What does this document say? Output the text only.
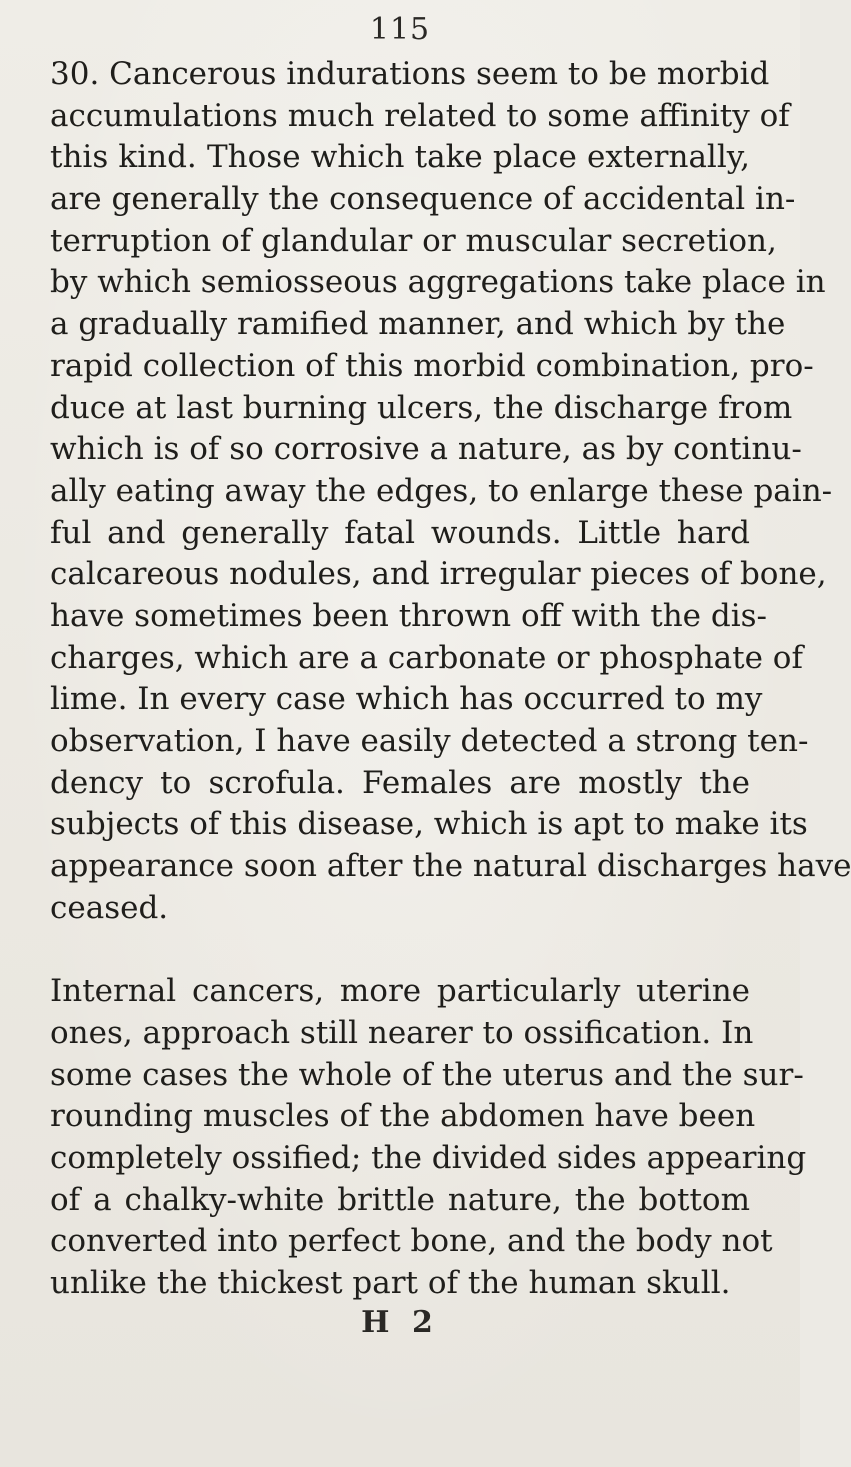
115
30. Cancerous indurations seem to be morbid
accumulations much related to some affinity of
this kind. Those which take place externally,
are generally the consequence of accidental in-
terruption of glandular or muscular secretion,
by which semiosseous aggregations take place in
a gradually ramified manner, and which by the
rapid collection of this morbid combination, pro-
duce at last burning ulcers, the discharge from
which is of so corrosive a nature, as by continu-
ally eating away the edges, to enlarge these pain-
ful and generally fatal wounds. Little hard
calcareous nodules, and irregular pieces of bone,
have sometimes been thrown off with the dis-
charges, which are a carbonate or phosphate of
lime. In every case which has occurred to my
observation, I have easily detected a strong ten-
dency to scrofula. Females are mostly the
subjects of this disease, which is apt to make its
appearance soon after the natural discharges have
ceased.
Internal cancers, more particularly uterine
ones, approach still nearer to ossification. In
some cases the whole of the uterus and the sur-
rounding muscles of the abdomen have been
completely ossified; the divided sides appearing
of a chalky-white brittle nature, the bottom
converted into perfect bone, and the body not
unlike the thickest part of the human skull.
H 2
